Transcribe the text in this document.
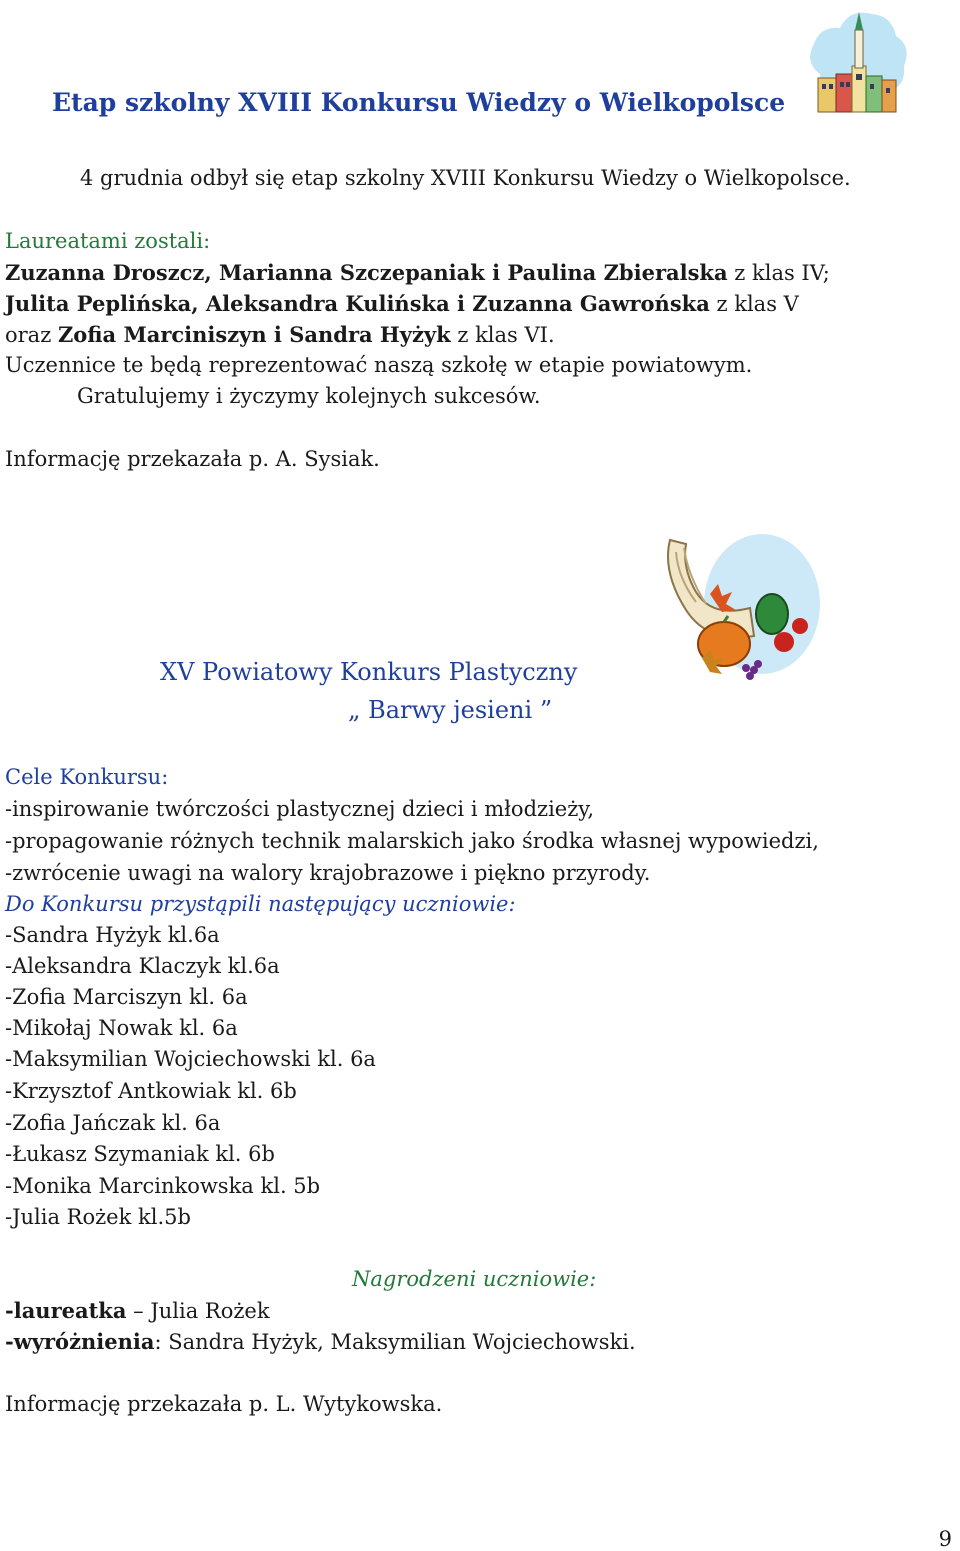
Etap szkolny XVIII Konkursu Wiedzy o Wielkopolsce
4 grudnia odbył się etap szkolny XVIII Konkursu Wiedzy o Wielkopolsce.
Laureatami zostali:
Zuzanna Droszcz, Marianna Szczepaniak i Paulina Zbieralska z klas IV;
Julita Peplińska, Aleksandra Kulińska i Zuzanna Gawrońska z klas V
oraz Zofia Marciniszyn i Sandra Hyżyk z klas VI.
Uczennice te będą reprezentować naszą szkołę w etapie powiatowym.
Gratulujemy i życzymy kolejnych sukcesów.
Informację przekazała p. A. Sysiak.
XV Powiatowy Konkurs Plastyczny
„ Barwy jesieni ”
Cele Konkursu:
-inspirowanie twórczości plastycznej dzieci i młodzieży,
-propagowanie różnych technik malarskich jako środka własnej wypowiedzi,
-zwrócenie uwagi na walory krajobrazowe i piękno przyrody.
Do Konkursu przystąpili następujący uczniowie:
-Sandra Hyżyk kl.6a
-Aleksandra Klaczyk kl.6a
-Zofia Marciszyn kl. 6a
-Mikołaj Nowak kl. 6a
-Maksymilian Wojciechowski kl. 6a
-Krzysztof Antkowiak kl. 6b
-Zofia Jańczak kl. 6a
-Łukasz Szymaniak kl. 6b
-Monika Marcinkowska kl. 5b
-Julia Rożek kl.5b
Nagrodzeni uczniowie:
-laureatka – Julia Rożek
-wyróżnienia: Sandra Hyżyk, Maksymilian Wojciechowski.
Informację przekazała p. L. Wytykowska.
9
